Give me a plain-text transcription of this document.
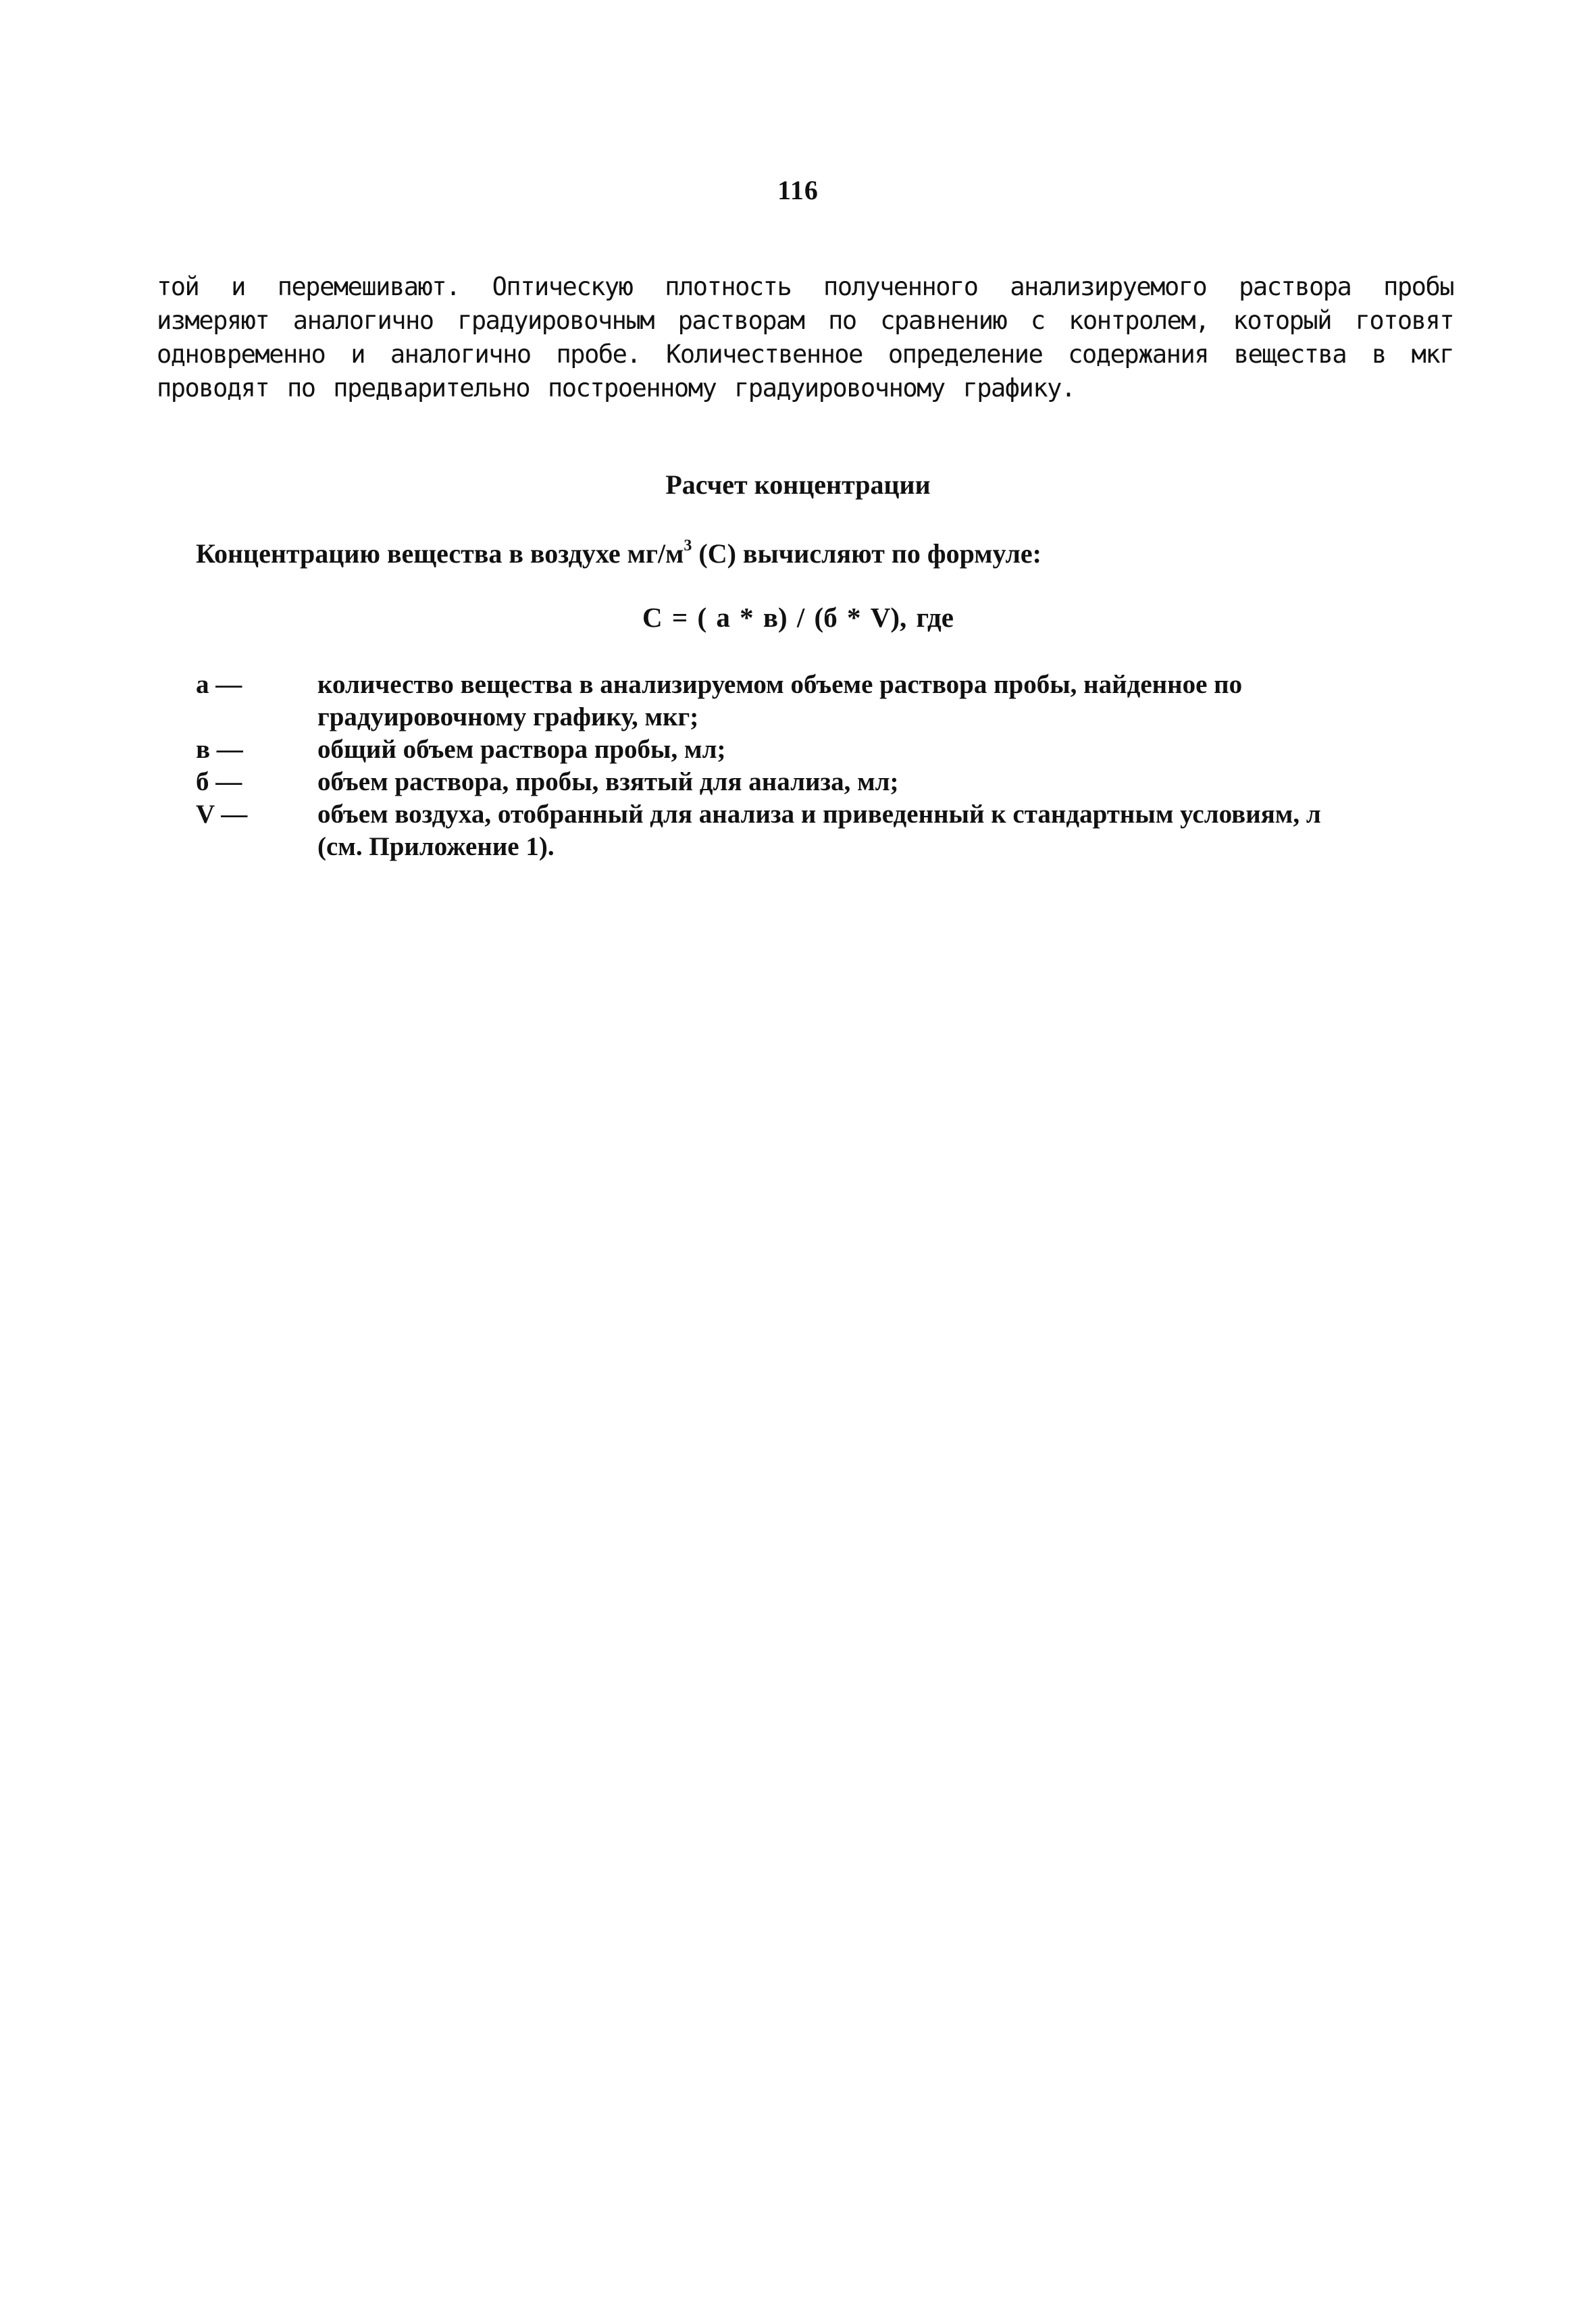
116
той и перемешивают. Оптическую плотность полученного анализируемого раствора пробы измеряют аналогично градуировочным растворам по сравнению с контролем, который готовят одновременно и аналогично пробе. Количественное определение содержания вещества в мкг проводят по предварительно построенному градуировочному графику.
Расчет концентрации
Концентрацию вещества в воздухе $мг/м^3$ (С) вычисляют по формуле:
С = ( а * в) / (б * V), где
а —	количество вещества в анализируемом объеме раствора пробы, найденное по градуировочному графику, мкг;
в —	общий объем раствора пробы, мл;
б —	объем раствора, пробы, взятый для анализа, мл;
V —	объем воздуха, отобранный для анализа и приведенный к стандартным условиям, л (см. Приложение 1).
